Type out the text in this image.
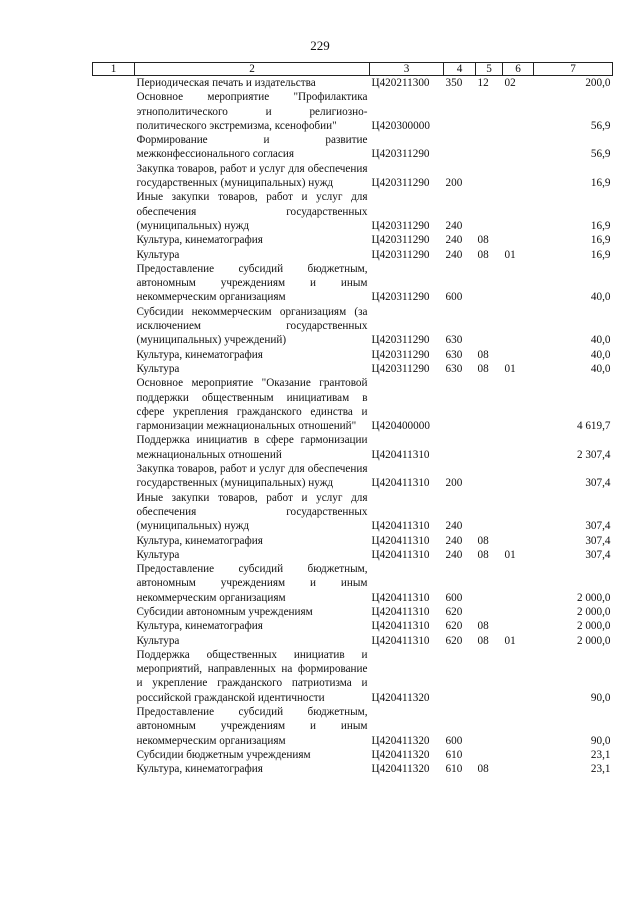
229
1	2	3	4	5	6	7
	Периодическая печать и издательства	Ц420211300	350	12	02	200,0
	Основное мероприятие "Профилактика этнополитического и религиозно-политического экстремизма, ксенофобии"	Ц420300000				56,9
	Формирование и развитие межконфессионального согласия	Ц420311290				56,9
	Закупка товаров, работ и услуг для обеспечения государственных (муниципальных) нужд	Ц420311290	200			16,9
	Иные закупки товаров, работ и услуг для обеспечения государственных (муниципальных) нужд	Ц420311290	240			16,9
	Культура, кинематография	Ц420311290	240	08		16,9
	Культура	Ц420311290	240	08	01	16,9
	Предоставление субсидий бюджетным, автономным учреждениям и иным некоммерческим организациям	Ц420311290	600			40,0
	Субсидии некоммерческим организациям (за исключением государственных (муниципальных) учреждений)	Ц420311290	630			40,0
	Культура, кинематография	Ц420311290	630	08		40,0
	Культура	Ц420311290	630	08	01	40,0
	Основное мероприятие "Оказание грантовой поддержки общественным инициативам в сфере укрепления гражданского единства и гармонизации межнациональных отношений"	Ц420400000				4 619,7
	Поддержка инициатив в сфере гармонизации межнациональных отношений	Ц420411310				2 307,4
	Закупка товаров, работ и услуг для обеспечения государственных (муниципальных) нужд	Ц420411310	200			307,4
	Иные закупки товаров, работ и услуг для обеспечения государственных (муниципальных) нужд	Ц420411310	240			307,4
	Культура, кинематография	Ц420411310	240	08		307,4
	Культура	Ц420411310	240	08	01	307,4
	Предоставление субсидий бюджетным, автономным учреждениям и иным некоммерческим организациям	Ц420411310	600			2 000,0
	Субсидии автономным учреждениям	Ц420411310	620			2 000,0
	Культура, кинематография	Ц420411310	620	08		2 000,0
	Культура	Ц420411310	620	08	01	2 000,0
	Поддержка общественных инициатив и мероприятий, направленных на формирование и укрепление гражданского патриотизма и российской гражданской идентичности	Ц420411320				90,0
	Предоставление субсидий бюджетным, автономным учреждениям и иным некоммерческим организациям	Ц420411320	600			90,0
	Субсидии бюджетным учреждениям	Ц420411320	610			23,1
	Культура, кинематография	Ц420411320	610	08		23,1
